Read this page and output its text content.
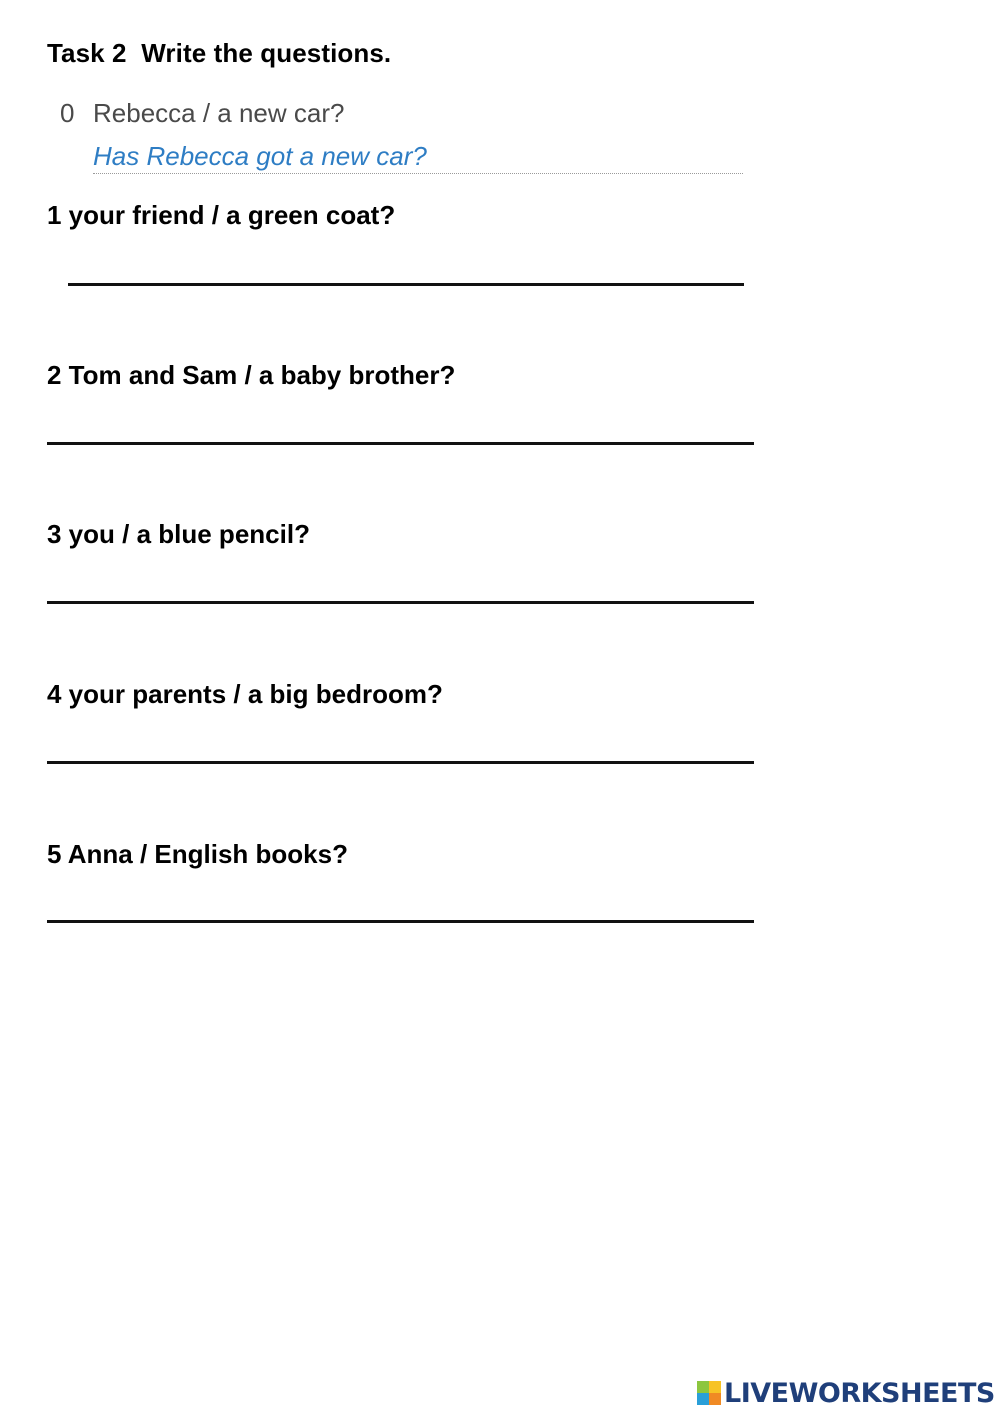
Task 2  Write the questions.
0 Rebecca / a new car?
Has Rebecca got a new car?
1 your friend / a green coat?
2 Tom and Sam / a baby brother?
3 you / a blue pencil?
4 your parents / a big bedroom?
5 Anna / English books?
LIVEWORKSHEETS
